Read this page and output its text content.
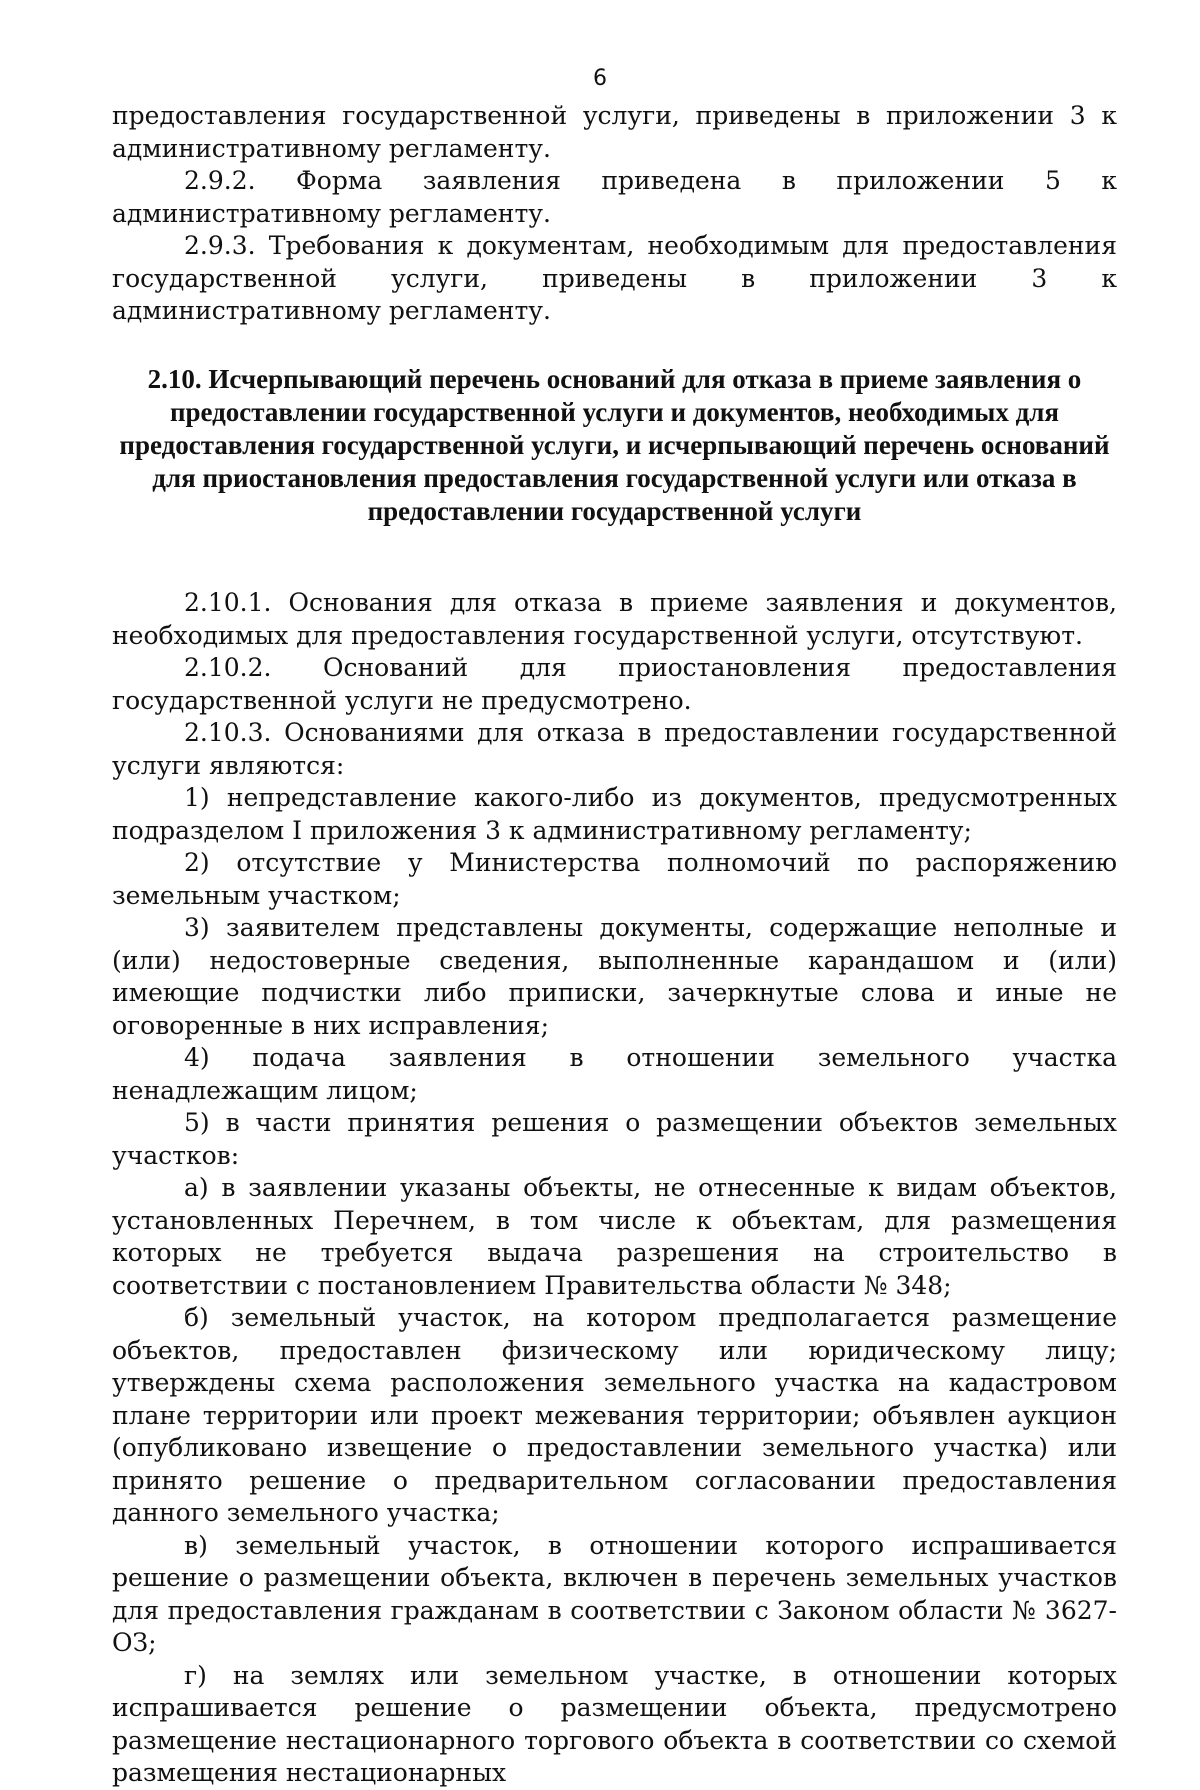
6

предоставления государственной услуги, приведены в приложении 3 к административному регламенту.

2.9.2. Форма заявления приведена в приложении 5 к административному регламенту.

2.9.3. Требования к документам, необходимым для предоставления государственной услуги, приведены в приложении 3 к административному регламенту.

2.10. Исчерпывающий перечень оснований для отказа в приеме заявления о предоставлении государственной услуги и документов, необходимых для предоставления государственной услуги, и исчерпывающий перечень оснований для приостановления предоставления государственной услуги или отказа в предоставлении государственной услуги

2.10.1. Основания для отказа в приеме заявления и документов, необходимых для предоставления государственной услуги, отсутствуют.

2.10.2. Оснований для приостановления предоставления государственной услуги не предусмотрено.

2.10.3. Основаниями для отказа в предоставлении государственной услуги являются:

1) непредставление какого-либо из документов, предусмотренных подразделом I приложения 3 к административному регламенту;

2) отсутствие у Министерства полномочий по распоряжению земельным участком;

3) заявителем представлены документы, содержащие неполные и (или) недостоверные сведения, выполненные карандашом и (или) имеющие подчистки либо приписки, зачеркнутые слова и иные не оговоренные в них исправления;

4) подача заявления в отношении земельного участка ненадлежащим лицом;

5) в части принятия решения о размещении объектов земельных участков:

а) в заявлении указаны объекты, не отнесенные к видам объектов, установленных Перечнем, в том числе к объектам, для размещения которых не требуется выдача разрешения на строительство в соответствии с постановлением Правительства области № 348;

б) земельный участок, на котором предполагается размещение объектов, предоставлен физическому или юридическому лицу; утверждены схема расположения земельного участка на кадастровом плане территории или проект межевания территории; объявлен аукцион (опубликовано извещение о предоставлении земельного участка) или принято решение о предварительном согласовании предоставления данного земельного участка;

в) земельный участок, в отношении которого испрашивается решение о размещении объекта, включен в перечень земельных участков для предоставления гражданам в соответствии с Законом области № 3627-ОЗ;

г) на землях или земельном участке, в отношении которых испрашивается решение о размещении объекта, предусмотрено размещение нестационарного торгового объекта в соответствии со схемой размещения нестационарных
